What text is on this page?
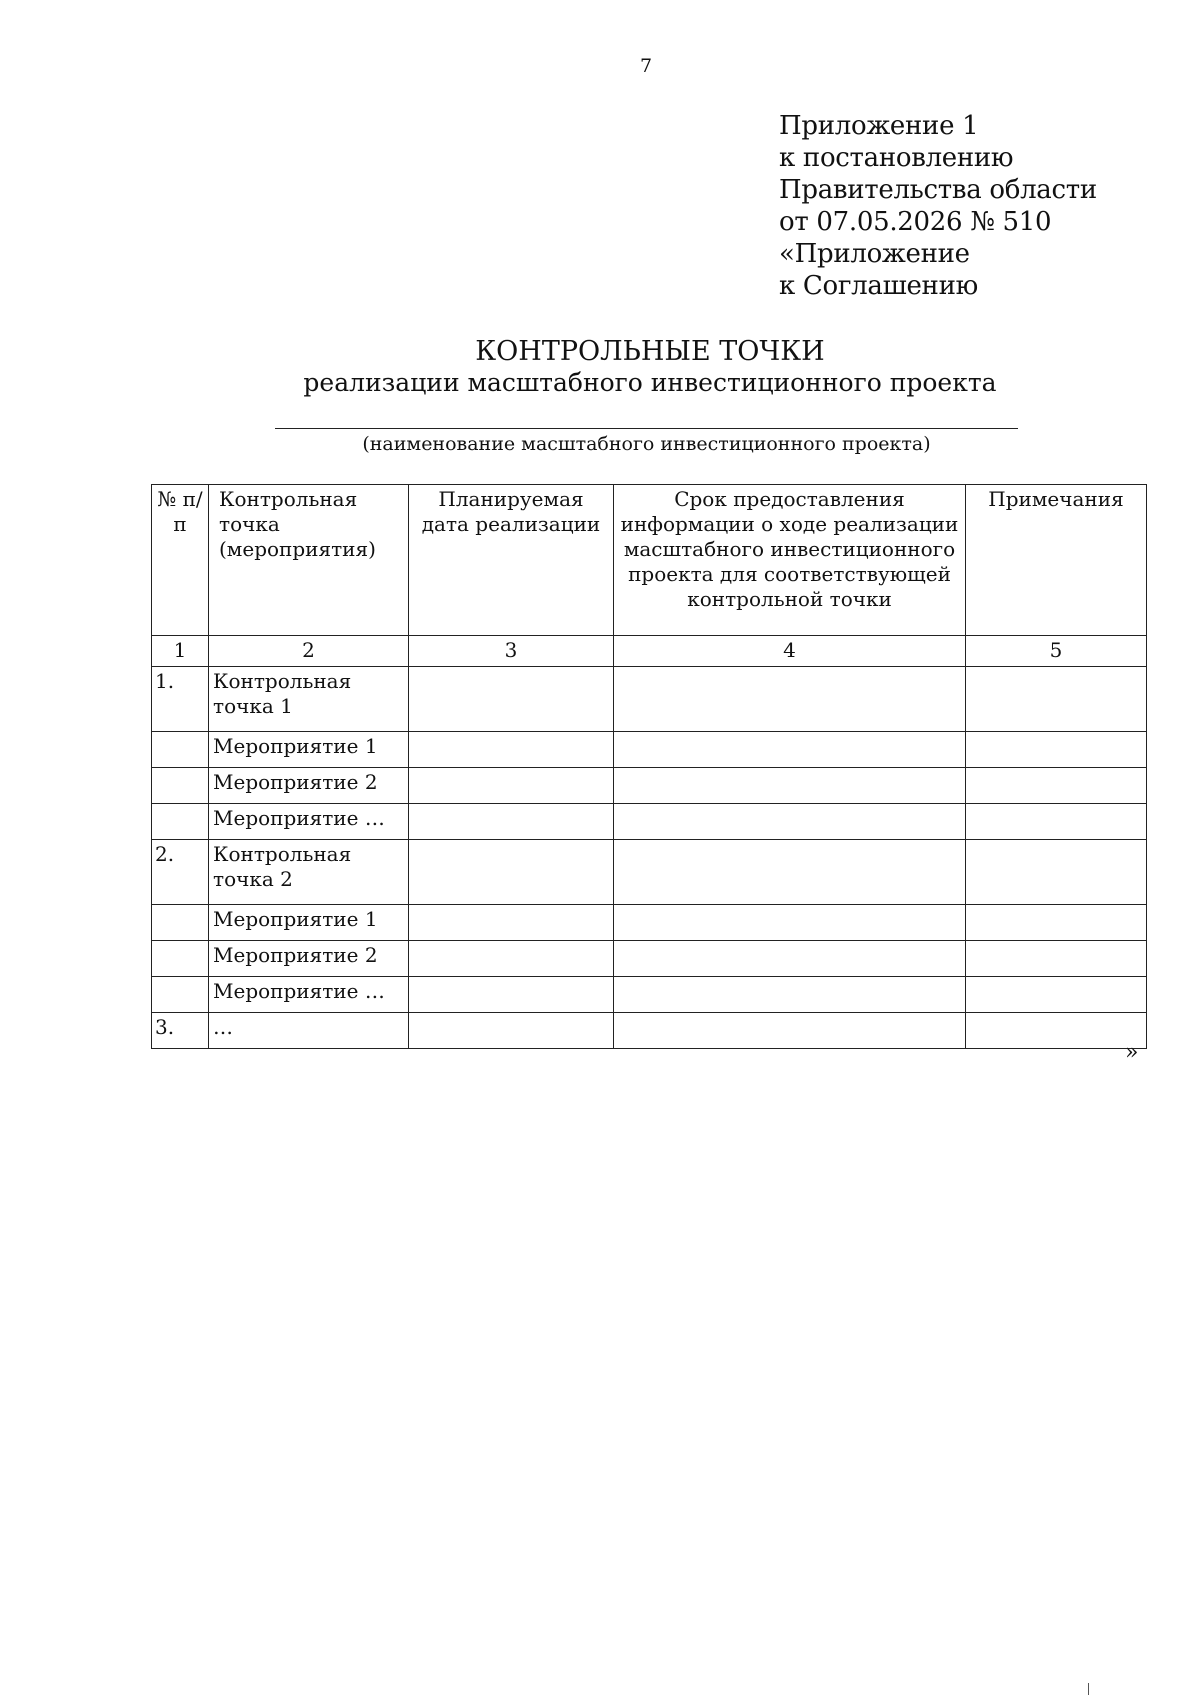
7
Приложение 1
к постановлению
Правительства области
от 07.05.2026 № 510
«Приложение
к Соглашению
КОНТРОЛЬНЫЕ ТОЧКИ
реализации масштабного инвестиционного проекта
(наименование масштабного инвестиционного проекта)
№ п/п	Контрольная точка (мероприятия)	Планируемая дата реализации	Срок предоставления информации о ходе реализации масштабного инвестиционного проекта для соответствующей контрольной точки	Примечания
1	2	3	4	5
1.	Контрольная точка 1			
	Мероприятие 1			
	Мероприятие 2			
	Мероприятие …			
2.	Контрольная точка 2			
	Мероприятие 1			
	Мероприятие 2			
	Мероприятие …			
3.	…			
»
